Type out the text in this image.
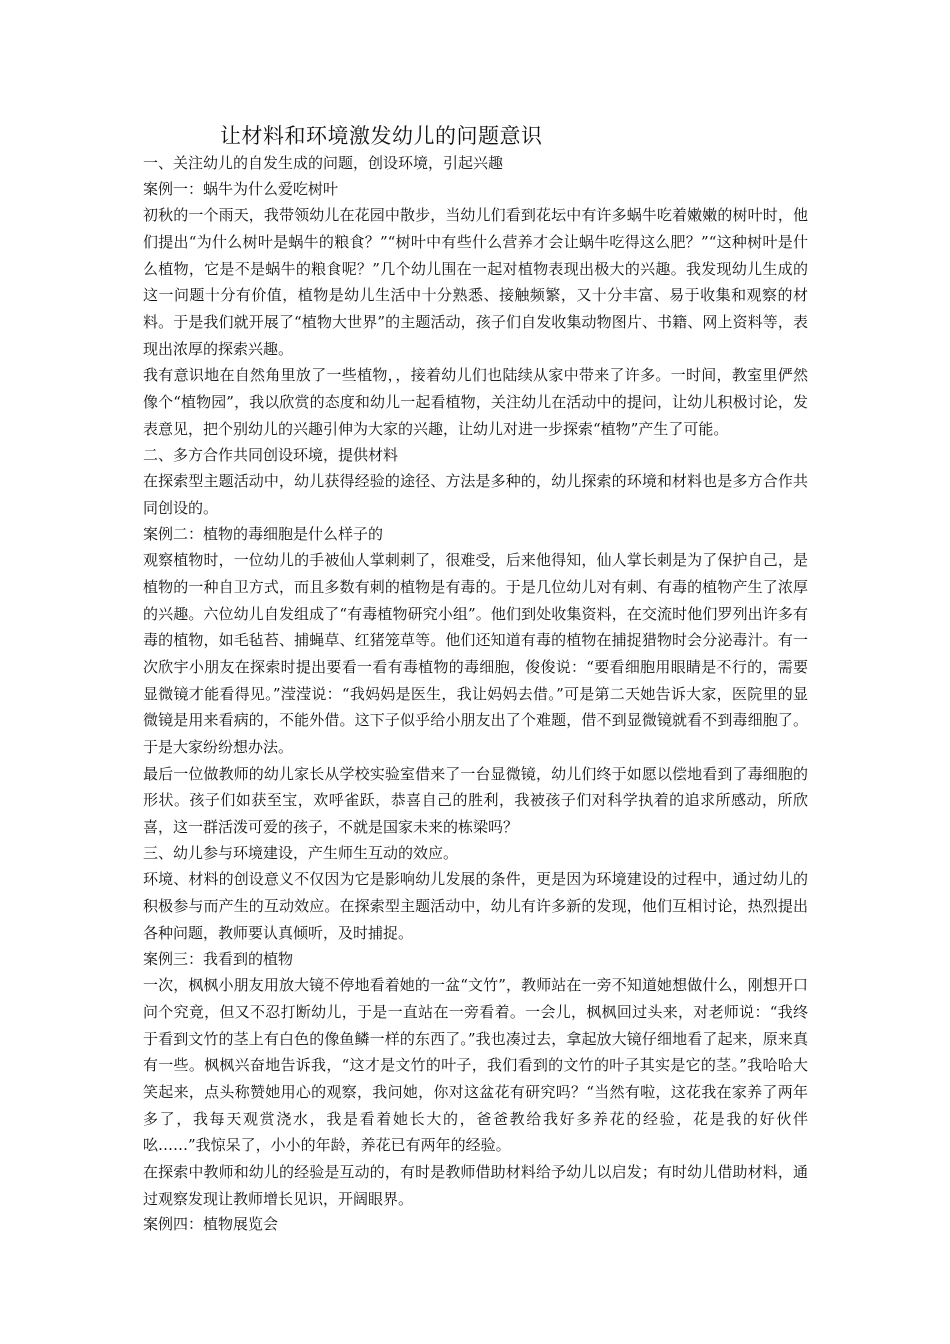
让材料和环境激发幼儿的问题意识

一、关注幼儿的自发生成的问题，创设环境，引起兴趣

案例一：蜗牛为什么爱吃树叶

初秋的一个雨天，我带领幼儿在花园中散步，当幼儿们看到花坛中有许多蜗牛吃着嫩嫩的树叶时，他们提出“为什么树叶是蜗牛的粮食？”“树叶中有些什么营养才会让蜗牛吃得这么肥？”“这种树叶是什么植物，它是不是蜗牛的粮食呢？”几个幼儿围在一起对植物表现出极大的兴趣。我发现幼儿生成的这一问题十分有价值，植物是幼儿生活中十分熟悉、接触频繁，又十分丰富、易于收集和观察的材料。于是我们就开展了“植物大世界”的主题活动，孩子们自发收集动物图片、书籍、网上资料等，表现出浓厚的探索兴趣。

我有意识地在自然角里放了一些植物，，接着幼儿们也陆续从家中带来了许多。一时间，教室里俨然像个“植物园”，我以欣赏的态度和幼儿一起看植物，关注幼儿在活动中的提问，让幼儿积极讨论，发表意见，把个别幼儿的兴趣引伸为大家的兴趣，让幼儿对进一步探索“植物”产生了可能。

二、多方合作共同创设环境，提供材料

在探索型主题活动中，幼儿获得经验的途径、方法是多种的，幼儿探索的环境和材料也是多方合作共同创设的。

案例二：植物的毒细胞是什么样子的

观察植物时，一位幼儿的手被仙人掌刺刺了，很难受，后来他得知，仙人掌长刺是为了保护自己，是植物的一种自卫方式，而且多数有刺的植物是有毒的。于是几位幼儿对有刺、有毒的植物产生了浓厚的兴趣。六位幼儿自发组成了“有毒植物研究小组”。他们到处收集资料，在交流时他们罗列出许多有毒的植物，如毛毡苔、捕蝇草、红猪笼草等。他们还知道有毒的植物在捕捉猎物时会分泌毒汁。有一次欣宇小朋友在探索时提出要看一看有毒植物的毒细胞，俊俊说：“要看细胞用眼睛是不行的，需要显微镜才能看得见。”滢滢说：“我妈妈是医生，我让妈妈去借。”可是第二天她告诉大家，医院里的显微镜是用来看病的，不能外借。这下子似乎给小朋友出了个难题，借不到显微镜就看不到毒细胞了。于是大家纷纷想办法。

最后一位做教师的幼儿家长从学校实验室借来了一台显微镜，幼儿们终于如愿以偿地看到了毒细胞的形状。孩子们如获至宝，欢呼雀跃，恭喜自己的胜利，我被孩子们对科学执着的追求所感动，所欣喜，这一群活泼可爱的孩子，不就是国家未来的栋梁吗？

三、幼儿参与环境建设，产生师生互动的效应。

环境、材料的创设意义不仅因为它是影响幼儿发展的条件，更是因为环境建设的过程中，通过幼儿的积极参与而产生的互动效应。在探索型主题活动中，幼儿有许多新的发现，他们互相讨论，热烈提出各种问题，教师要认真倾听，及时捕捉。

案例三：我看到的植物

一次，枫枫小朋友用放大镜不停地看着她的一盆“文竹”，教师站在一旁不知道她想做什么，刚想开口问个究竟，但又不忍打断幼儿，于是一直站在一旁看着。一会儿，枫枫回过头来，对老师说：“我终于看到文竹的茎上有白色的像鱼鳞一样的东西了。”我也凑过去，拿起放大镜仔细地看了起来，原来真有一些。枫枫兴奋地告诉我，“这才是文竹的叶子，我们看到的文竹的叶子其实是它的茎。”我哈哈大笑起来，点头称赞她用心的观察，我问她，你对这盆花有研究吗？“当然有啦，这花我在家养了两年多了，我每天观赏浇水，我是看着她长大的，爸爸教给我好多养花的经验，花是我的好伙伴吆……”我惊呆了，小小的年龄，养花已有两年的经验。

在探索中教师和幼儿的经验是互动的，有时是教师借助材料给予幼儿以启发；有时幼儿借助材料，通过观察发现让教师增长见识，开阔眼界。

案例四：植物展览会
